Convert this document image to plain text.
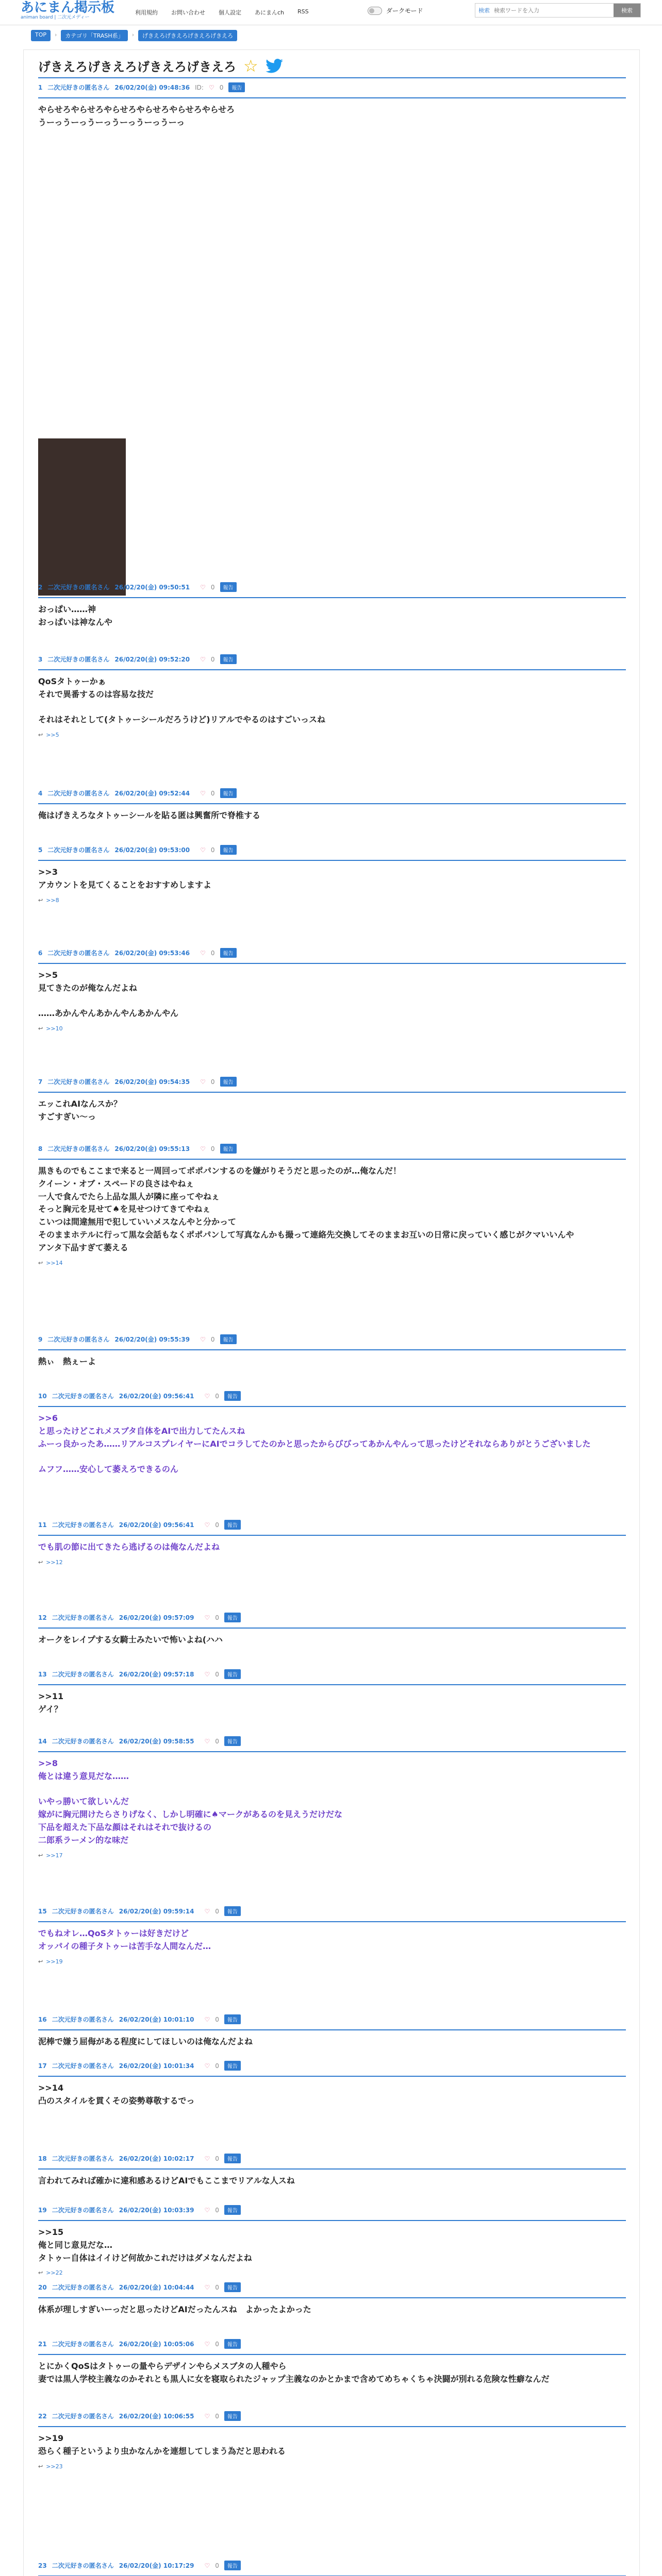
あにまん掲示板
animan board | 二次元メディー
利用規約 お問い合わせ 個人設定 あにまんch RSS	ダークモード	検索
検索ワードを入力	検索
TOP	›	カテゴリ「TRASH系」	›	げきえろげきえろげきえろげきえろ
げきえろげきえろげきえろげきえろ ☆
1 二次元好きの匿名さん 26/02/20(金) 09:48:36 ID: ♡ 0	報告
やらせろやらせろやらせろやらせろやらせろやらせろ
うーっうーっうーっうーっうーっうーっ
2 二次元好きの匿名さん 26/02/20(金) 09:50:51 ♡ 0	報告
おっぱい……神
おっぱいは神なんや
3 二次元好きの匿名さん 26/02/20(金) 09:52:20 ♡ 0	報告
QoSタトゥーかぁ
それで異番するのは容易な技だ

それはそれとして(タトゥーシールだろうけど)リアルでやるのはすごいっスね
↩ >>5
4 二次元好きの匿名さん 26/02/20(金) 09:52:44 ♡ 0	報告
俺はげきえろなタトゥーシールを貼る匿は興奮所で脊椎する
5 二次元好きの匿名さん 26/02/20(金) 09:53:00 ♡ 0	報告
>>3
アカウントを見てくることをおすすめしますよ
↩ >>8
6 二次元好きの匿名さん 26/02/20(金) 09:53:46 ♡ 0	報告
>>5
見てきたのが俺なんだよね

……あかんやんあかんやんあかんやん
↩ >>10
7 二次元好きの匿名さん 26/02/20(金) 09:54:35 ♡ 0	報告
エッこれAIなんスか？
すごすぎい〜っ
8 二次元好きの匿名さん 26/02/20(金) 09:55:13 ♡ 0	報告
黒きものでもここまで来ると一周回ってポポパンするのを嫌がりそうだと思ったのが…俺なんだ！
クイーン・オブ・スペードの良さはやねぇ
一人で食んでたら上品な黒人が隣に座ってやねぇ
そっと胸元を見せて♠を見せつけてきてやねぇ
こいつは間違無用で犯していいメスなんやと分かって
そのままホテルに行って黒な会話もなくポポパンして写真なんかも撮って連絡先交換してそのままお互いの日常に戻っていく感じがクマいいんや
アンタ下品すぎて萎える
↩ >>14
9 二次元好きの匿名さん 26/02/20(金) 09:55:39 ♡ 0	報告
熱ぃ　熱ぇーよ
10 二次元好きの匿名さん 26/02/20(金) 09:56:41 ♡ 0	報告
>>6
と思ったけどこれメスブタ自体をAIで出力してたんスね
ふーっ良かったあ……リアルコスプレイヤーにAIでコラしてたのかと思ったからびびってあかんやんって思ったけどそれならありがとうございました

ムフフ……安心して萎えろできるのん
11 二次元好きの匿名さん 26/02/20(金) 09:56:41 ♡ 0	報告
でも肌の節に出てきたら逃げるのは俺なんだよね
↩ >>12
12 二次元好きの匿名さん 26/02/20(金) 09:57:09 ♡ 0	報告
オークをレイプする女騎士みたいで怖いよね(ハハ
13 二次元好きの匿名さん 26/02/20(金) 09:57:18 ♡ 0	報告
>>11
ゲイ？
14 二次元好きの匿名さん 26/02/20(金) 09:58:55 ♡ 0	報告
>>8
俺とは違う意見だな……

いやっ勝いて欲しいんだ
嫁がに胸元開けたらさりげなく、しかし明確に♠マークがあるのを見えうだけだな
下品を超えた下品な顔はそれはそれで抜けるの
二郎系ラーメン的な味だ
↩ >>17
15 二次元好きの匿名さん 26/02/20(金) 09:59:14 ♡ 0	報告
でもねオレ…QoSタトゥーは好きだけど
オッパイの種子タトゥーは苦手な人間なんだ…
↩ >>19
16 二次元好きの匿名さん 26/02/20(金) 10:01:10 ♡ 0	報告
泥棒で嫌う屈侮がある程度にしてほしいのは俺なんだよね
17 二次元好きの匿名さん 26/02/20(金) 10:01:34 ♡ 0	報告
>>14
凸のスタイルを貫くその姿勢尊敬するでっ
18 二次元好きの匿名さん 26/02/20(金) 10:02:17 ♡ 0	報告
言われてみれば確かに違和感あるけどAIでもここまでリアルな人スね
19 二次元好きの匿名さん 26/02/20(金) 10:03:39 ♡ 0	報告
>>15
俺と同じ意見だな…
タトゥー自体はイイけど何故かこれだけはダメなんだよね
↩ >>22
20 二次元好きの匿名さん 26/02/20(金) 10:04:44 ♡ 0	報告
体系が理しすぎいーっだと思ったけどAIだったんスね　よかったよかった
21 二次元好きの匿名さん 26/02/20(金) 10:05:06 ♡ 0	報告
とにかくQoSはタトゥーの量やらデザインやらメスブタの人種やら
妻では黒人学校主義なのかそれとも黒人に女を寝取られたジャップ主義なのかとかまで含めてめちゃくちゃ決闘が別れる危険な性癖なんだ
22 二次元好きの匿名さん 26/02/20(金) 10:06:55 ♡ 0	報告
>>19
恐らく種子というより虫かなんかを連想してしまう為だと思われる
↩ >>23
23 二次元好きの匿名さん 26/02/20(金) 10:17:29 ♡ 0	報告
